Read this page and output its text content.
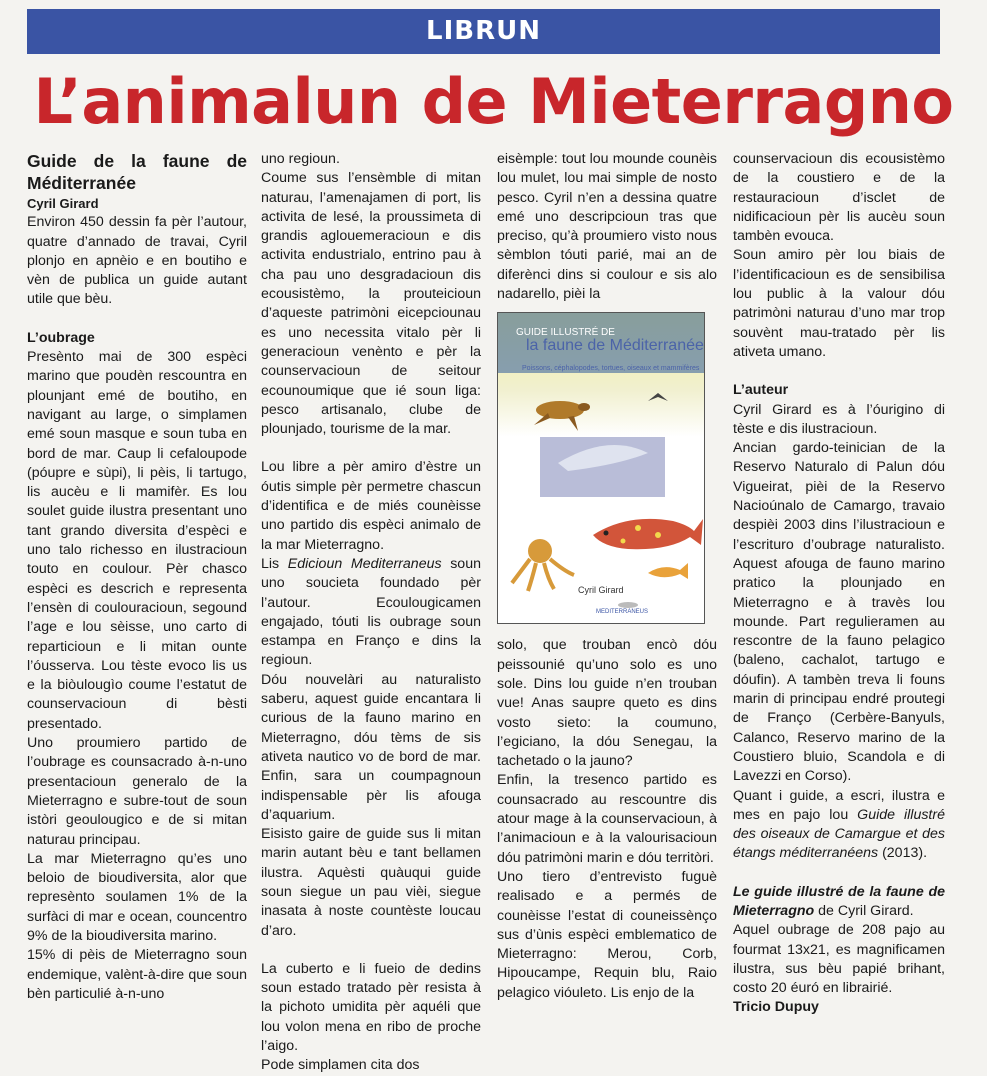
LIBRUN
L’animalun de Mieterragno

Guide de la faune de Méditerranée

Cyril Girard

Environ 450 dessin fa pèr l’autour, quatre d’annado de travai, Cyril plonjo en apnèio e en boutiho e vèn de publica un guide autant utile que bèu.

L’oubrage

Presènto mai de 300 espèci marino que poudèn rescountra en plounjant emé de boutiho, en navigant au large, o simplamen emé soun masque e soun tuba en bord de mar. Caup li cefaloupode (póupre e sùpi), li pèis, li tartugo, lis aucèu e li mamifèr. Es lou soulet guide ilustra presentant uno tant grando diversita d’espèci e uno talo richesso en ilustracioun touto en coulour. Pèr chasco espèci es descrich e representa l’ensèn di coulouracioun, segound l’age e lou sèisse, uno carto di reparticioun e li mitan ounte l’óusserva. Lou tèste evoco lis us e la biòulougìo coume l’estatut de counservacioun di bèsti presentado.

Uno proumiero partido de l’oubrage es counsacrado à-n-uno presentacioun generalo de la Mieterragno e subre-tout de soun istòri geoulougico e de si mitan naturau principau.

La mar Mieterragno qu’es uno beloio de bioudiversita, alor que represènto soulamen 1% de la surfàci di mar e ocean, councentro 9% de la bioudiversita marino.

15% di pèis de Mieterragno soun endemique, valènt-à-dire que soun bèn particulié à-n-uno

uno regioun.

Coume sus l’ensèmble di mitan naturau, l’amenajamen di port, lis activita de lesé, la proussimeta di grandis aglouemeracioun e dis activita endustrialo, entrino pau à cha pau uno desgradacioun dis ecousistèmo, la prouteicioun d’aqueste patrimòni eicepciounau es uno necessita vitalo pèr li generacioun venènto e pèr la counservacioun de seitour ecounoumique que ié soun liga: pesco artisanalo, clube de plounjado, tourisme de la mar.

Lou libre a pèr amiro d’èstre un óutis simple pèr permetre chascun d’identifica e de miés counèisse uno partido dis espèci animalo de la mar Mieterragno.

Lis Edicioun Mediterraneus soun uno soucieta foundado pèr l’autour. Ecoulougicamen engajado, tóuti lis oubrage soun estampa en Franço e dins la regioun.

Dóu nouvelàri au naturalisto saberu, aquest guide encantara li curious de la fauno marino en Mieterragno, dóu tèms de sis ativeta nautico vo de bord de mar. Enfin, sara un coumpagnoun indispensable pèr lis afouga d’aquarium.

Eisisto gaire de guide sus li mitan marin autant bèu e tant bellamen ilustra. Aquèsti quàuqui guide soun siegue un pau vièi, siegue inasata à noste countèste loucau d’aro.

La cuberto e li fueio de dedins soun estado tratado pèr resista à la pichoto umidita pèr aquéli que lou volon mena en ribo de proche l’aigo.

Pode simplamen cita dos

eisèmple: tout lou mounde counèis lou mulet, lou mai simple de nosto pesco. Cyril n’en a dessina quatre emé uno descripcioun tras que preciso, qu’à proumiero visto nous sèmblon tóuti parié, mai an de diferènci dins si coulour e sis alo nadarello, pièi la

GUIDE ILLUSTRÉ DE
la faune de Méditerranée
Poissons, céphalopodes, tortues, oiseaux et mammifères
Cyril Girard
MEDITERRANEUS

solo, que trouban encò dóu peissounié qu’uno solo es uno sole. Dins lou guide n’en trouban vue! Anas saupre queto es dins vosto sieto: la coumuno, l’egiciano, la dóu Senegau, la tachetado o la jauno?

Enfin, la tresenco partido es counsacrado au rescountre dis atour mage à la counservacioun, à l’animacioun e à la valourisacioun dóu patrimòni marin e dóu territòri.

Uno tiero d’entrevisto fuguè realisado e a permés de counèisse l’estat di couneissènço sus d’ùnis espèci emblematico de Mieterragno: Merou, Corb, Hipoucampe, Requin blu, Raio pelagico vióuleto. Lis enjo de la

counservacioun dis ecousistèmo de la coustiero e de la restauracioun d’isclet de nidificacioun pèr lis aucèu soun tambèn evouca.

Soun amiro pèr lou biais de l’identificacioun es de sensibilisa lou public à la valour dóu patrimòni naturau d’uno mar trop souvènt mau-tratado pèr lis ativeta umano.

L’auteur

Cyril Girard es à l’óurigino di tèste e dis ilustracioun.

Ancian gardo-teinician de la Reservo Naturalo di Palun dóu Vigueirat, pièi de la Reservo Nacioúnalo de Camargo, travaio despièi 2003 dins l’ilustracioun e l’escrituro d’oubrage naturalisto. Aquest afouga de fauno marino pratico la plounjado en Mieterragno e à travès lou mounde. Part regulieramen au rescontre de la fauno pelagico (baleno, cachalot, tartugo e dóufin). A tambèn treva li founs marin di principau endré proutegi de Franço (Cerbère-Banyuls, Calanco, Reservo marino de la Coustiero bluio, Scandola e di Lavezzi en Corso).

Quant i guide, a escri, ilustra e mes en pajo lou Guide illustré des oiseaux de Camargue et des étangs méditerranéens (2013).

Le guide illustré de la faune de Mieterragno de Cyril Girard.

Aquel oubrage de 208 pajo au fourmat 13x21, es magnificamen ilustra, sus bèu papié brihant, costo 20 éuró en librairié.

Tricio Dupuy
